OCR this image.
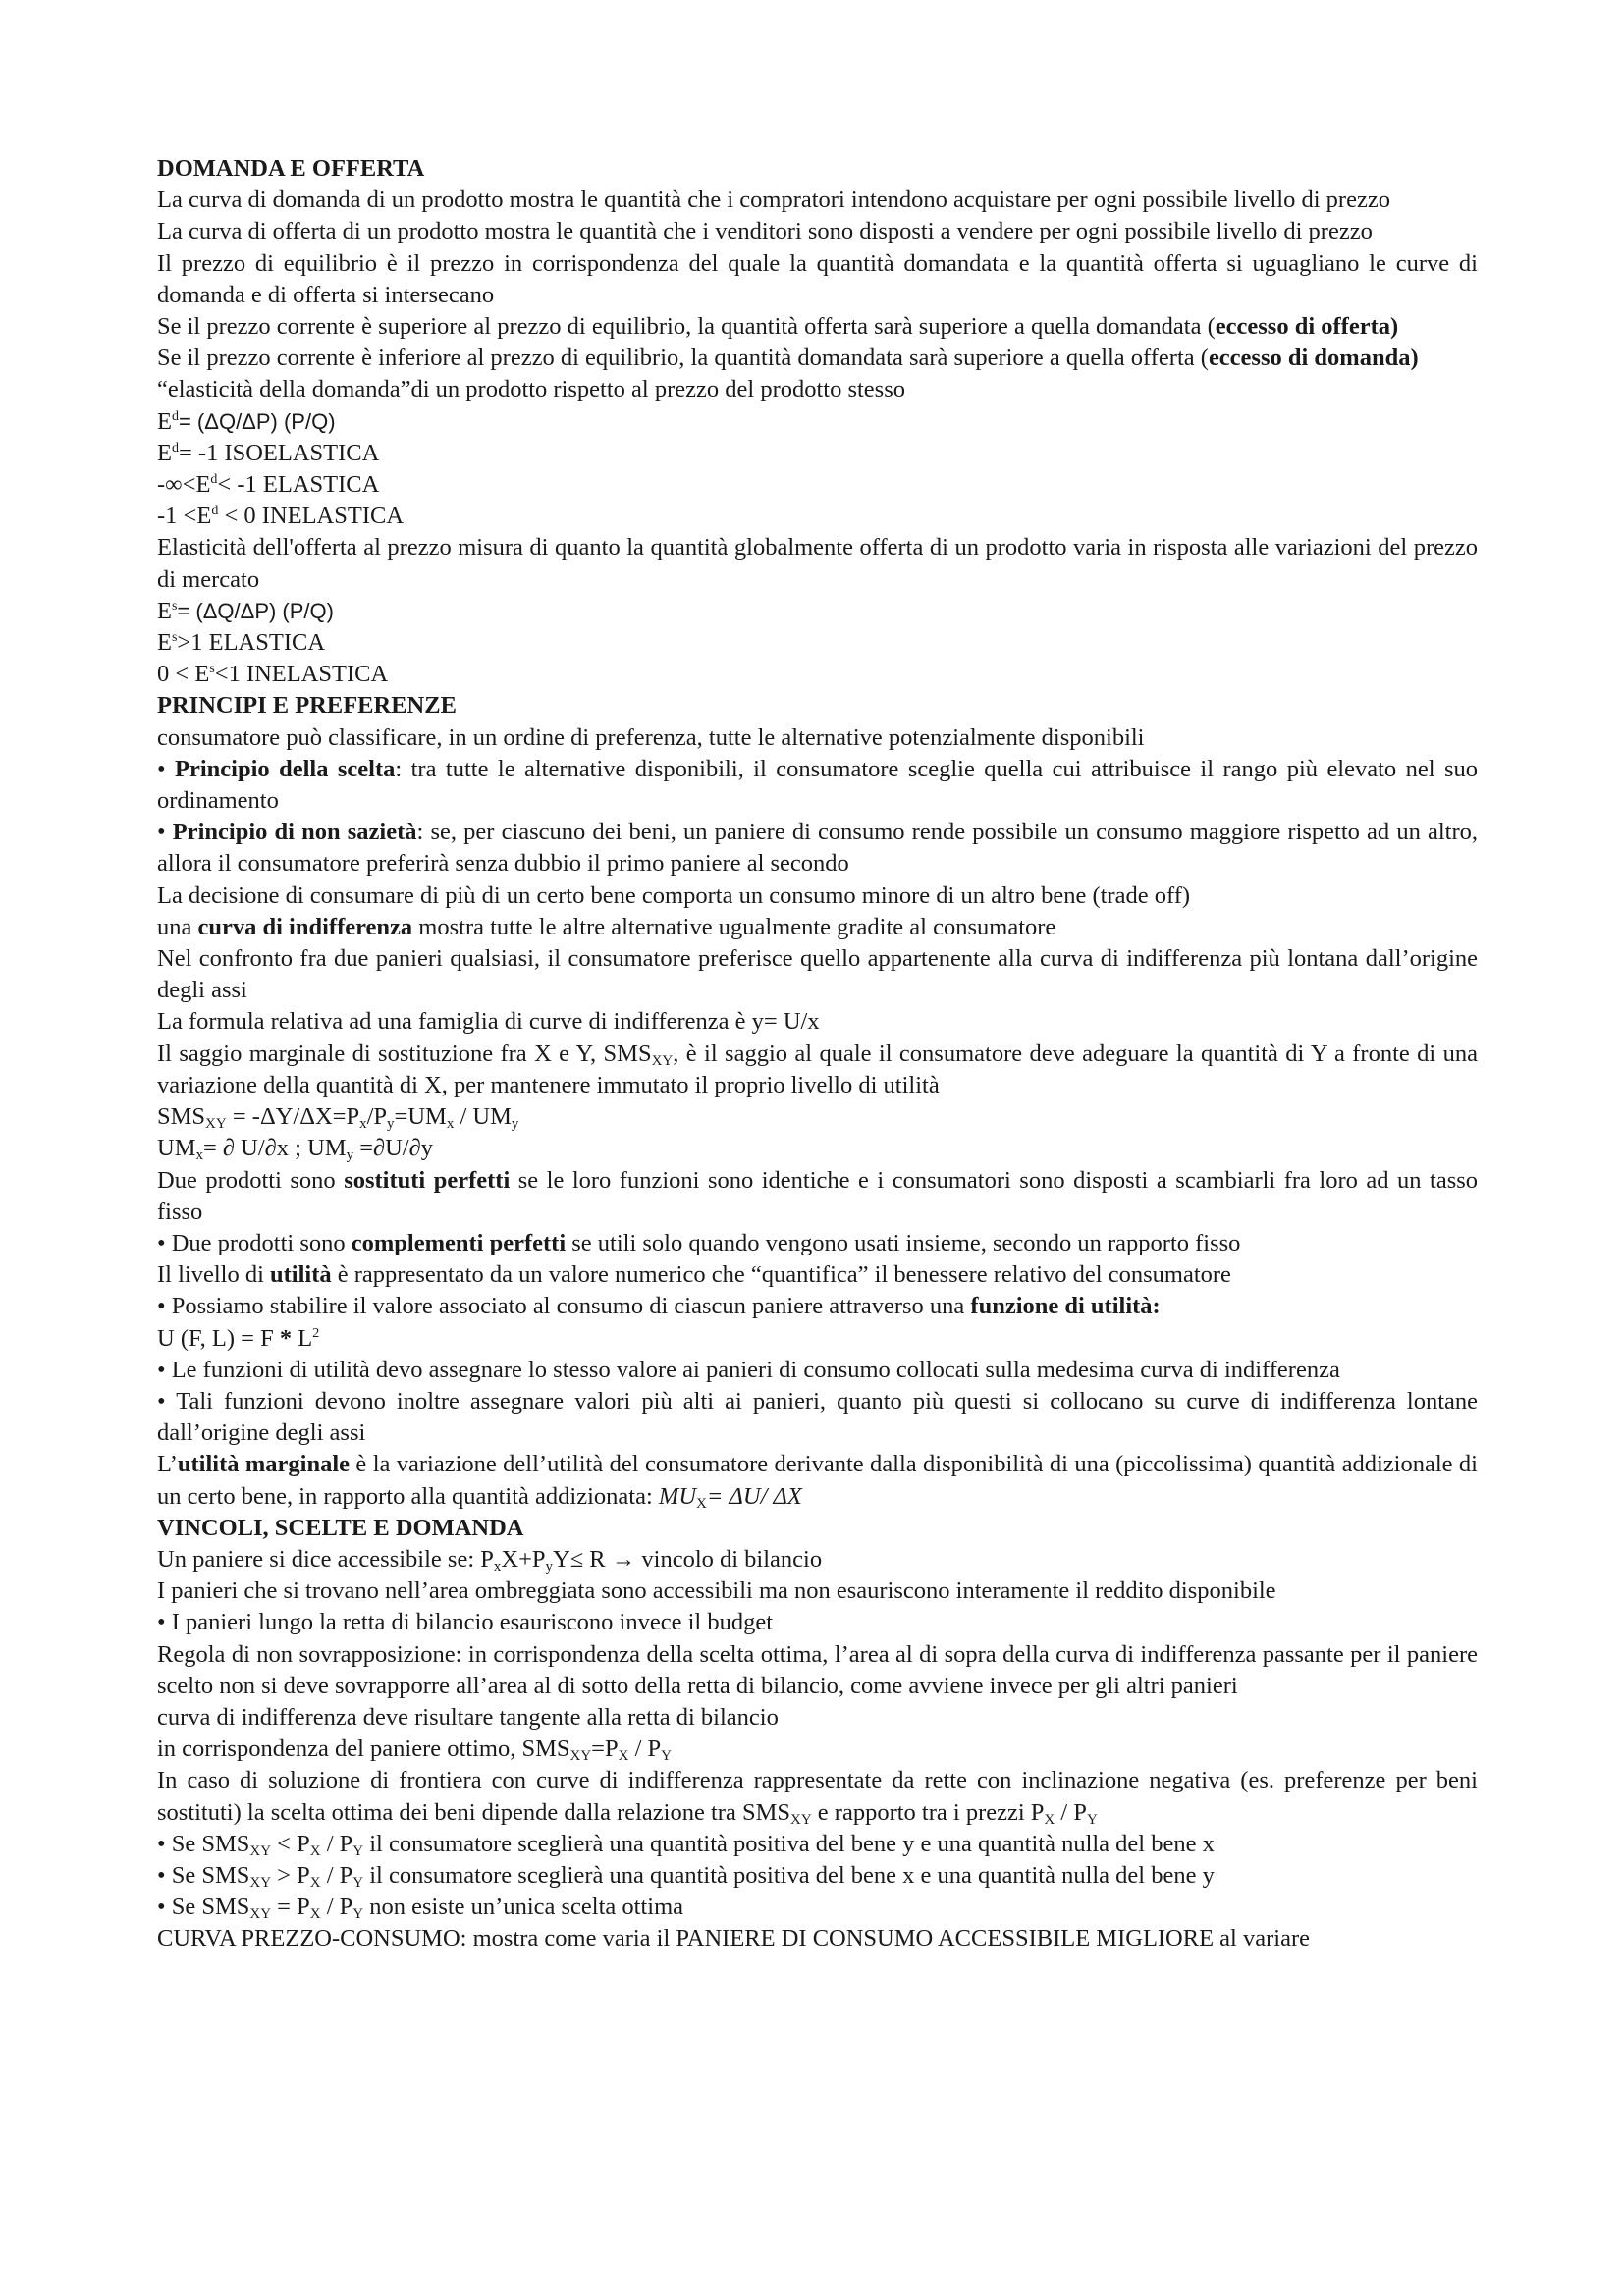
DOMANDA E OFFERTA

La curva di domanda di un prodotto mostra le quantità che i compratori intendono acquistare per ogni possibile livello di prezzo

La curva di offerta di un prodotto mostra le quantità che i venditori sono disposti a vendere per ogni possibile livello di prezzo

Il prezzo di equilibrio è il prezzo in corrispondenza del quale la quantità domandata e la quantità offerta si uguagliano le curve di domanda e di offerta si intersecano

Se il prezzo corrente è superiore al prezzo di equilibrio, la quantità offerta sarà superiore a quella domandata (eccesso di offerta)

Se il prezzo corrente è inferiore al prezzo di equilibrio, la quantità domandata sarà superiore a quella offerta (eccesso di domanda)

“elasticità della domanda”di un prodotto rispetto al prezzo del prodotto stesso

$E^d= (\Delta Q/\Delta P)$ (P/Q)

$E^d= -1$ ISOELASTICA

$-\infty<E^d< -1$ ELASTICA

$-1 <E^d < 0$ INELASTICA

Elasticità dell'offerta al prezzo misura di quanto la quantità globalmente offerta di un prodotto varia in risposta alle variazioni del prezzo di mercato

$E^s= (\Delta Q/\Delta P)$ (P/Q)

$E^s>1$ ELASTICA

$0 < E^s<1$ INELASTICA

PRINCIPI E PREFERENZE

consumatore può classificare, in un ordine di preferenza, tutte le alternative potenzialmente disponibili

• Principio della scelta: tra tutte le alternative disponibili, il consumatore sceglie quella cui attribuisce il rango più elevato nel suo ordinamento

• Principio di non sazietà: se, per ciascuno dei beni, un paniere di consumo rende possibile un consumo maggiore rispetto ad un altro, allora il consumatore preferirà senza dubbio il primo paniere al secondo

La decisione di consumare di più di un certo bene comporta un consumo minore di un altro bene (trade off)

una curva di indifferenza mostra tutte le altre alternative ugualmente gradite al consumatore

Nel confronto fra due panieri qualsiasi, il consumatore preferisce quello appartenente alla curva di indifferenza più lontana dall’origine degli assi

La formula relativa ad una famiglia di curve di indifferenza è y= U/x

Il saggio marginale di sostituzione fra X e Y, $SMS_{XY}$, è il saggio al quale il consumatore deve adeguare la quantità di Y a fronte di una variazione della quantità di X, per mantenere immutato il proprio livello di utilità

$SMS_{XY} = -\Delta Y/\Delta X=P_x/P_y=UM_x / UM_y$

$UM_x=$ ∂ U/∂x ; $UM_y =\partial U/\partial y$

Due prodotti sono sostituti perfetti se le loro funzioni sono identiche e i consumatori sono disposti a scambiarli fra loro ad un tasso fisso

• Due prodotti sono complementi perfetti se utili solo quando vengono usati insieme, secondo un rapporto fisso

Il livello di utilità è rappresentato da un valore numerico che “quantifica” il benessere relativo del consumatore

• Possiamo stabilire il valore associato al consumo di ciascun paniere attraverso una funzione di utilità:

U (F, $L) = F * L^2$

• Le funzioni di utilità devo assegnare lo stesso valore ai panieri di consumo collocati sulla medesima curva di indifferenza

• Tali funzioni devono inoltre assegnare valori più alti ai panieri, quanto più questi si collocano su curve di indifferenza lontane dall’origine degli assi

L’utilità marginale è la variazione dell’utilità del consumatore derivante dalla disponibilità di una (piccolissima) quantità addizionale di un certo bene, in rapporto alla quantità addizionata: $MU_X= \Delta U/$ ΔX

VINCOLI, SCELTE E DOMANDA

Un paniere si dice accessibile se: $P_xX+P_yY\le R$ → vincolo di bilancio

I panieri che si trovano nell’area ombreggiata sono accessibili ma non esauriscono interamente il reddito disponibile

• I panieri lungo la retta di bilancio esauriscono invece il budget

Regola di non sovrapposizione: in corrispondenza della scelta ottima, l’area al di sopra della curva di indifferenza passante per il paniere scelto non si deve sovrapporre all’area al di sotto della retta di bilancio, come avviene invece per gli altri panieri

curva di indifferenza deve risultare tangente alla retta di bilancio

in corrispondenza del paniere ottimo, $SMS_{XY}=P_X / P_Y$

In caso di soluzione di frontiera con curve di indifferenza rappresentate da rette con inclinazione negativa (es. preferenze per beni sostituti) la scelta ottima dei beni dipende dalla relazione tra $SMS_{XY}$ e rapporto tra i prezzi $P_X / P_Y$

• Se $SMS_{XY} < P_X / P_Y$ il consumatore sceglierà una quantità positiva del bene y e una quantità nulla del bene x

• Se $SMS_{XY} > P_X / P_Y$ il consumatore sceglierà una quantità positiva del bene x e una quantità nulla del bene y

• Se $SMS_{XY} = P_X / P_Y$ non esiste un’unica scelta ottima

CURVA PREZZO-CONSUMO: mostra come varia il PANIERE DI CONSUMO ACCESSIBILE MIGLIORE al variare
